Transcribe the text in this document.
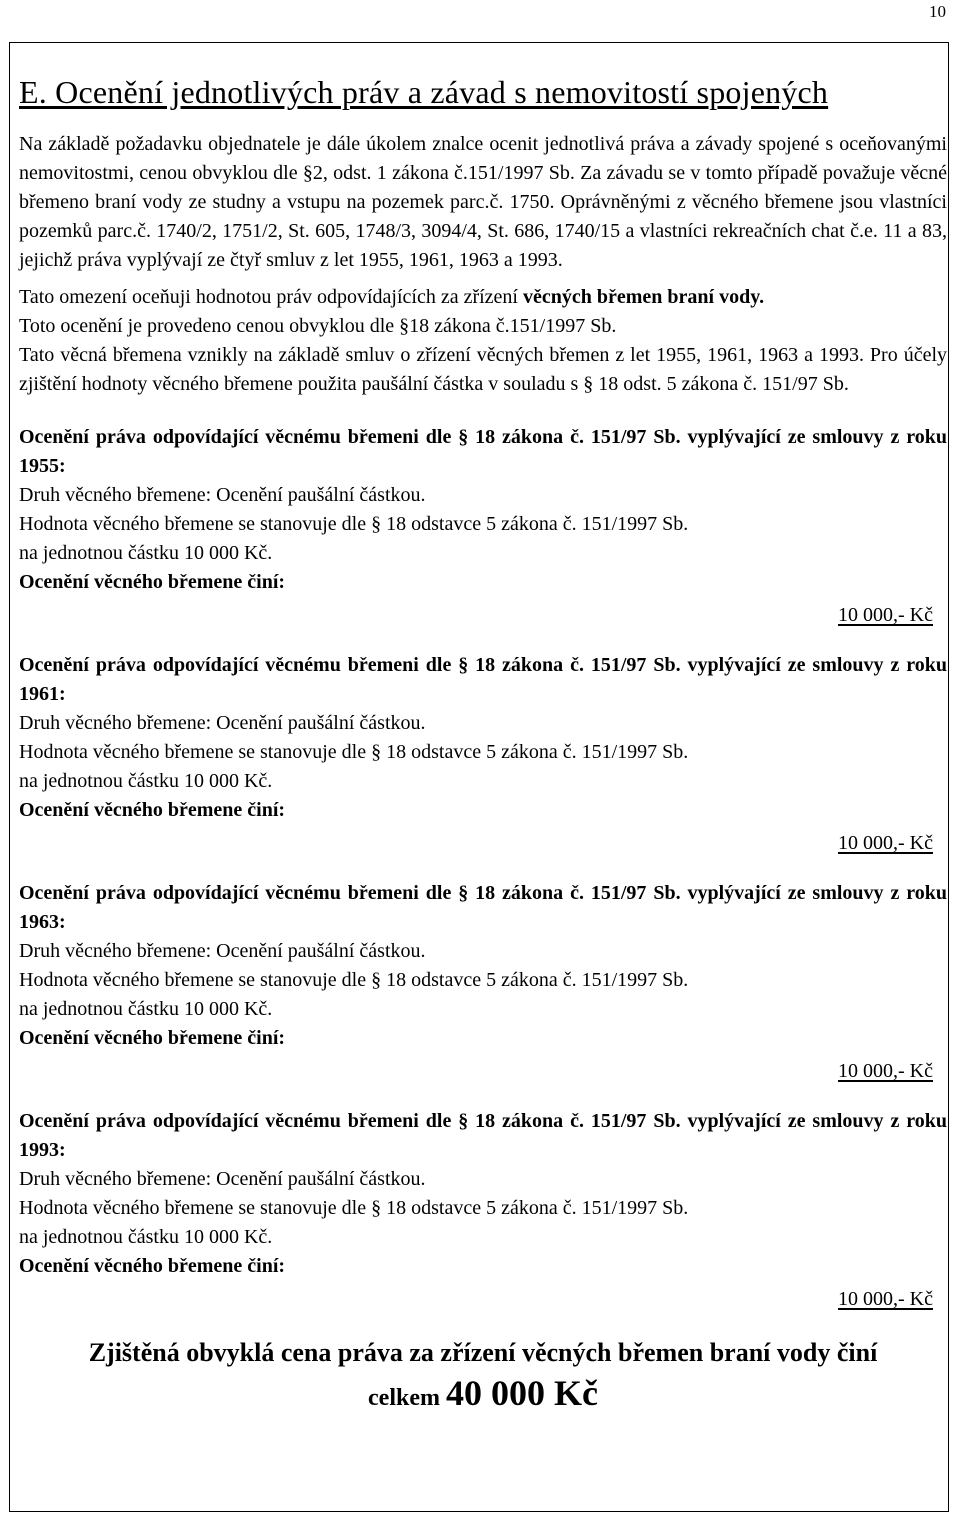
10
E. Ocenění jednotlivých práv a závad s nemovitostí spojených

Na základě požadavku objednatele je dále úkolem znalce ocenit jednotlivá práva a závady spojené s oceňovanými nemovitostmi, cenou obvyklou dle §2, odst. 1 zákona č.151/1997 Sb. Za závadu se v tomto případě považuje věcné břemeno braní vody ze studny a vstupu na pozemek parc.č. 1750. Oprávněnými z věcného břemene jsou vlastníci pozemků parc.č. 1740/2, 1751/2, St. 605, 1748/3, 3094/4, St. 686, 1740/15 a vlastníci rekreačních chat č.e. 11 a 83, jejichž práva vyplývají ze čtyř smluv z let 1955, 1961, 1963 a 1993.

Tato omezení oceňuji hodnotou práv odpovídajících za zřízení věcných břemen braní vody.

Toto ocenění je provedeno cenou obvyklou dle §18 zákona č.151/1997 Sb.

Tato věcná břemena vznikly na základě smluv o zřízení věcných břemen z let 1955, 1961, 1963 a 1993. Pro účely zjištění hodnoty věcného břemene použita paušální částka v souladu s § 18 odst. 5 zákona č. 151/97 Sb.

Ocenění práva odpovídající věcnému břemeni dle § 18 zákona č. 151/97 Sb. vyplývající ze smlouvy z roku 1955:
Druh věcného břemene: Ocenění paušální částkou.
Hodnota věcného břemene se stanovuje dle § 18 odstavce 5 zákona č. 151/1997 Sb.
na jednotnou částku 10 000 Kč.
Ocenění věcného břemene činí:
10 000,- Kč
Ocenění práva odpovídající věcnému břemeni dle § 18 zákona č. 151/97 Sb. vyplývající ze smlouvy z roku 1961:
Druh věcného břemene: Ocenění paušální částkou.
Hodnota věcného břemene se stanovuje dle § 18 odstavce 5 zákona č. 151/1997 Sb.
na jednotnou částku 10 000 Kč.
Ocenění věcného břemene činí:
10 000,- Kč
Ocenění práva odpovídající věcnému břemeni dle § 18 zákona č. 151/97 Sb. vyplývající ze smlouvy z roku 1963:
Druh věcného břemene: Ocenění paušální částkou.
Hodnota věcného břemene se stanovuje dle § 18 odstavce 5 zákona č. 151/1997 Sb.
na jednotnou částku 10 000 Kč.
Ocenění věcného břemene činí:
10 000,- Kč
Ocenění práva odpovídající věcnému břemeni dle § 18 zákona č. 151/97 Sb. vyplývající ze smlouvy z roku 1993:
Druh věcného břemene: Ocenění paušální částkou.
Hodnota věcného břemene se stanovuje dle § 18 odstavce 5 zákona č. 151/1997 Sb.
na jednotnou částku 10 000 Kč.
Ocenění věcného břemene činí:
10 000,- Kč
Zjištěná obvyklá cena práva za zřízení věcných břemen braní vody činí
celkem 40 000 Kč
